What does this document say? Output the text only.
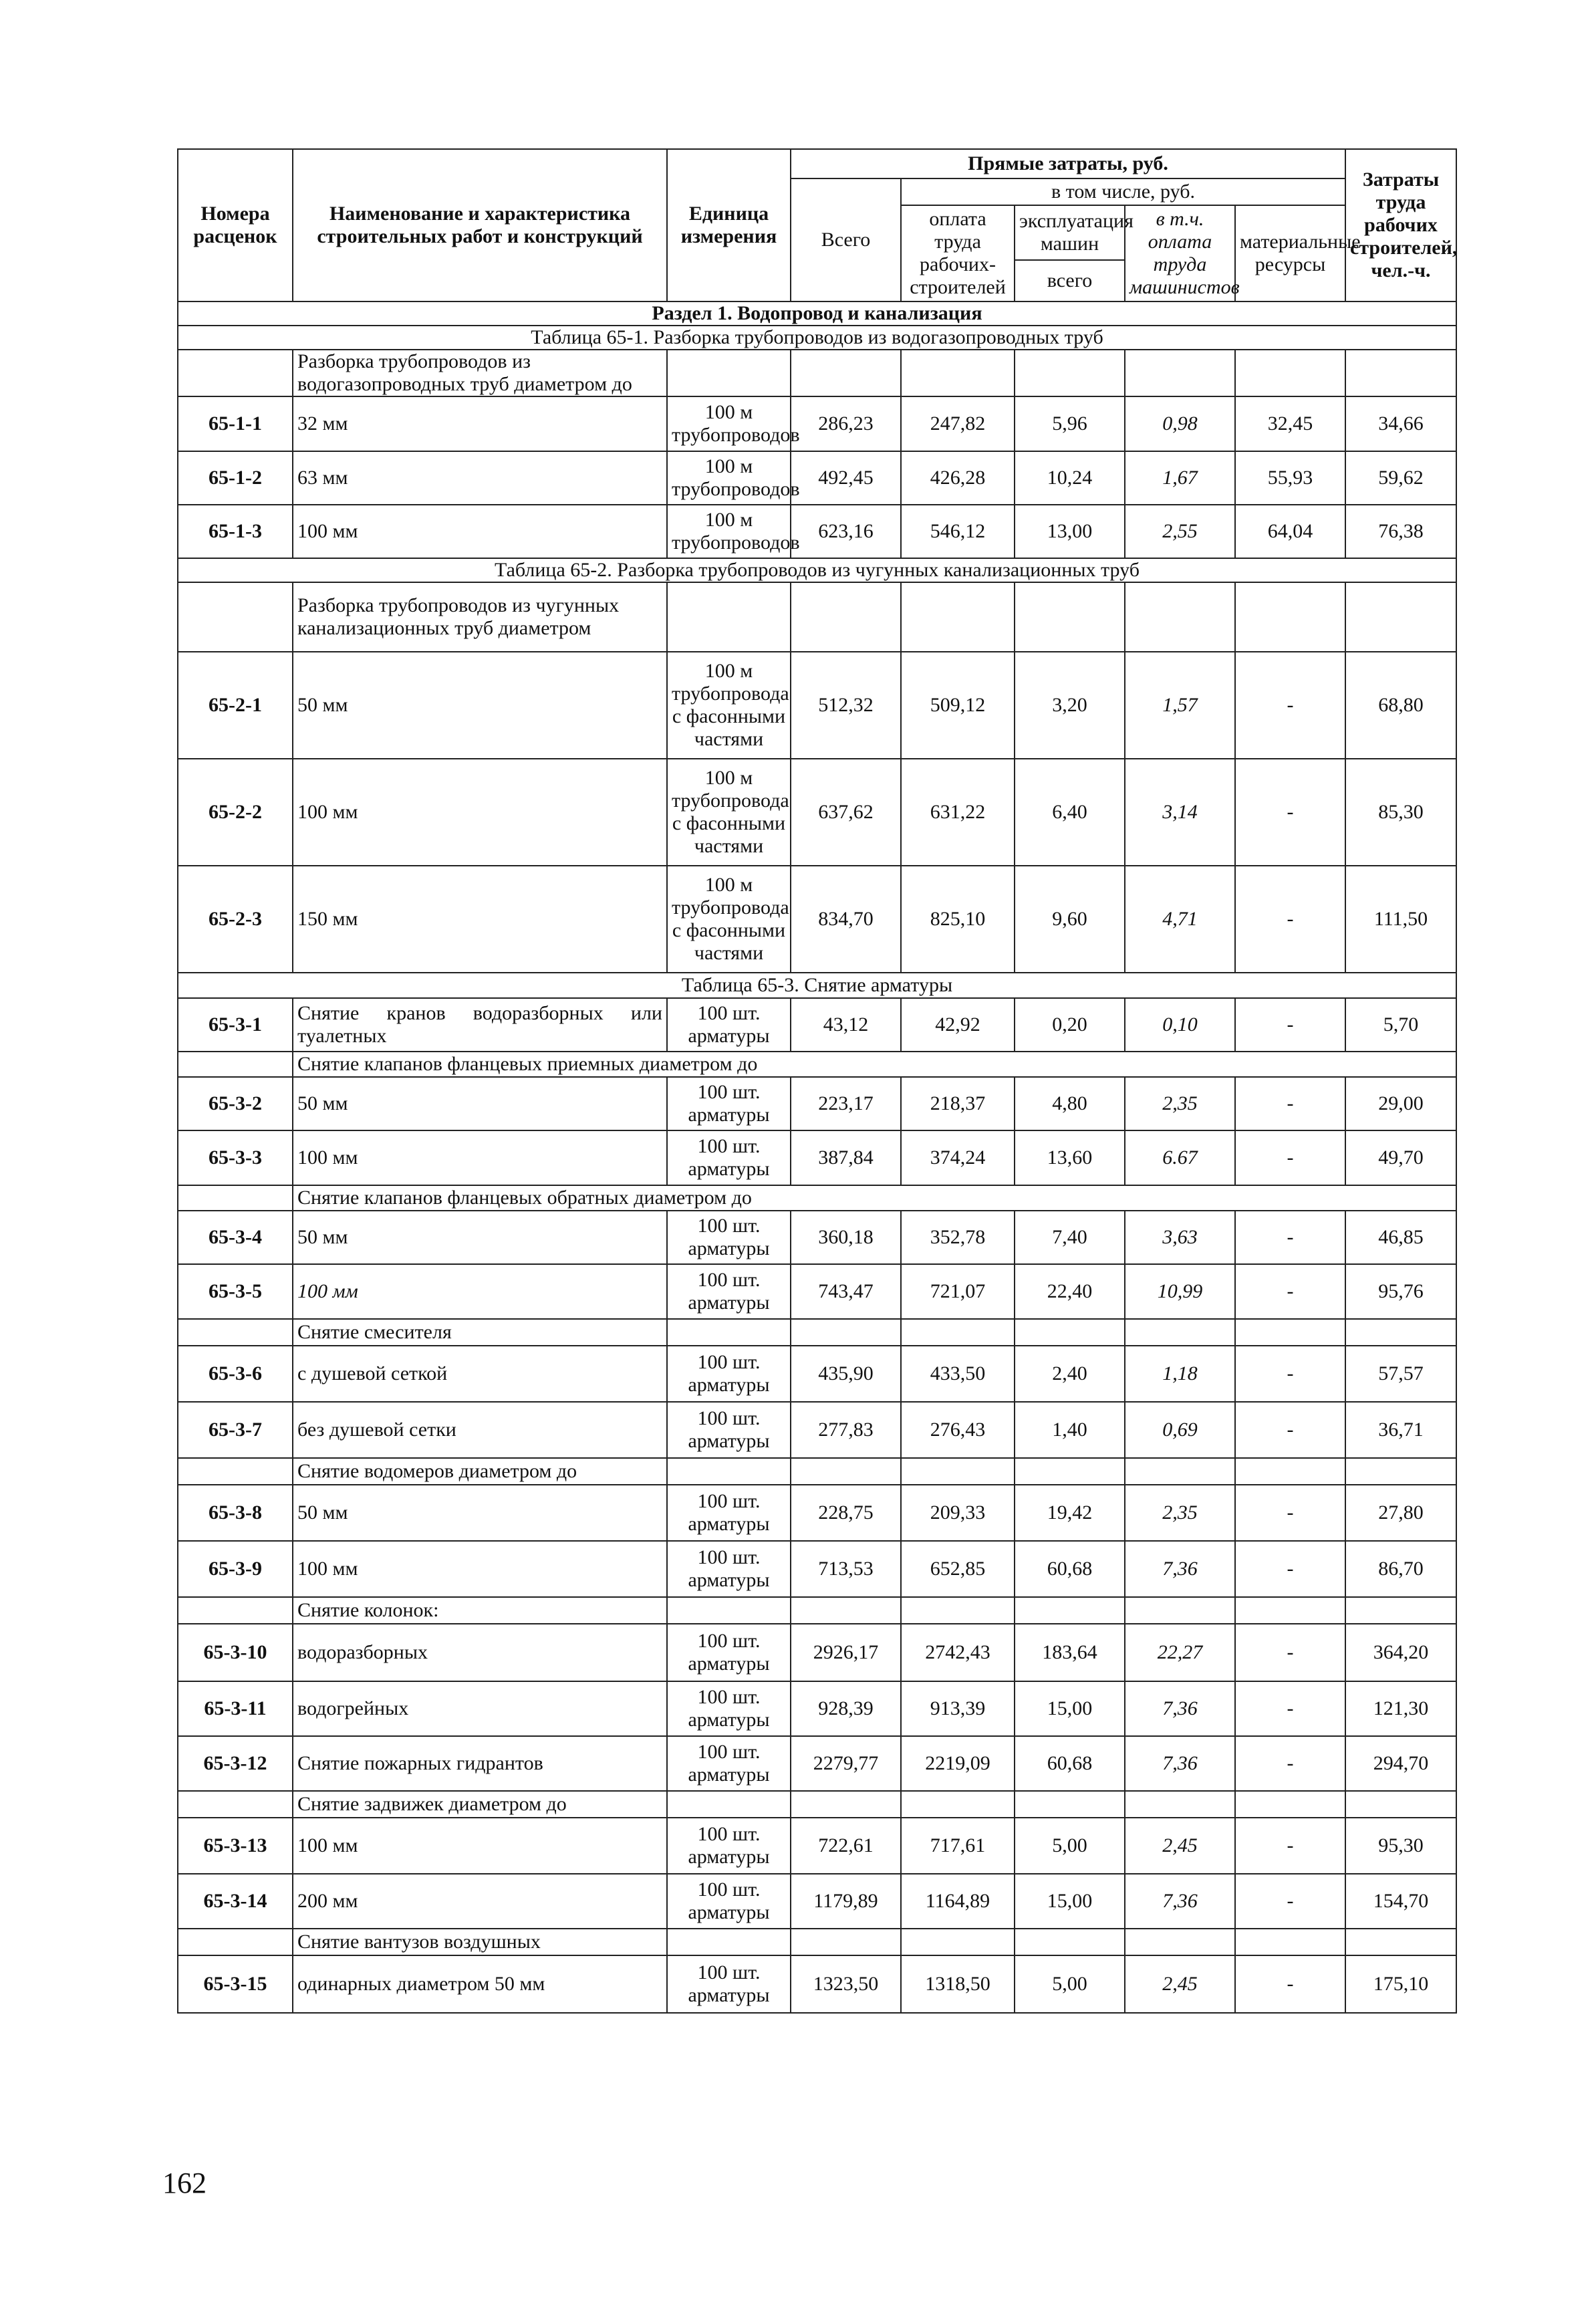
Номера расценок	Наименование и характеристика строительных работ и конструкций	Единица измерения	Прямые затраты, руб.					Затраты труда рабочих строителей, чел.-ч.
			Всего	в том числе, руб.				
				оплата труда рабочих-строителей	эксплуатация машин	в т.ч. оплата труда машинистов	материальные ресурсы	
					всего			
Раздел 1. Водопровод и канализация								
Таблица 65-1. Разборка трубопроводов из водогазопроводных труб								
	Разборка трубопроводов из водогазопроводных труб диаметром до							
65-1-1	32 мм	100 м трубопроводов	286,23	247,82	5,96	0,98	32,45	34,66
65-1-2	63 мм	100 м трубопроводов	492,45	426,28	10,24	1,67	55,93	59,62
65-1-3	100 мм	100 м трубопроводов	623,16	546,12	13,00	2,55	64,04	76,38
Таблица 65-2. Разборка трубопроводов из чугунных канализационных труб								
	Разборка трубопроводов из чугунных канализационных труб диаметром							
65-2-1	50 мм	100 м трубопровода с фасонными частями	512,32	509,12	3,20	1,57	-	68,80
65-2-2	100 мм	100 м трубопровода с фасонными частями	637,62	631,22	6,40	3,14	-	85,30
65-2-3	150 мм	100 м трубопровода с фасонными частями	834,70	825,10	9,60	4,71	-	111,50
Таблица 65-3. Снятие арматуры								
65-3-1	Снятие кранов водоразборных или туалетных	100 шт. арматуры	43,12	42,92	0,20	0,10	-	5,70
	Снятие клапанов фланцевых приемных диаметром до							
65-3-2	50 мм	100 шт. арматуры	223,17	218,37	4,80	2,35	-	29,00
65-3-3	100 мм	100 шт. арматуры	387,84	374,24	13,60	6.67	-	49,70
	Снятие клапанов фланцевых обратных диаметром до							
65-3-4	50 мм	100 шт. арматуры	360,18	352,78	7,40	3,63	-	46,85
65-3-5	100 мм	100 шт. арматуры	743,47	721,07	22,40	10,99	-	95,76
	Снятие смесителя							
65-3-6	с душевой сеткой	100 шт. арматуры	435,90	433,50	2,40	1,18	-	57,57
65-3-7	без душевой сетки	100 шт. арматуры	277,83	276,43	1,40	0,69	-	36,71
	Снятие водомеров диаметром до							
65-3-8	50 мм	100 шт. арматуры	228,75	209,33	19,42	2,35	-	27,80
65-3-9	100 мм	100 шт. арматуры	713,53	652,85	60,68	7,36	-	86,70
	Снятие колонок:							
65-3-10	водоразборных	100 шт. арматуры	2926,17	2742,43	183,64	22,27	-	364,20
65-3-11	водогрейных	100 шт. арматуры	928,39	913,39	15,00	7,36	-	121,30
65-3-12	Снятие пожарных гидрантов	100 шт. арматуры	2279,77	2219,09	60,68	7,36	-	294,70
	Снятие задвижек диаметром до							
65-3-13	100 мм	100 шт. арматуры	722,61	717,61	5,00	2,45	-	95,30
65-3-14	200 мм	100 шт. арматуры	1179,89	1164,89	15,00	7,36	-	154,70
	Снятие вантузов воздушных							
65-3-15	одинарных диаметром 50 мм	100 шт. арматуры	1323,50	1318,50	5,00	2,45	-	175,10
162
